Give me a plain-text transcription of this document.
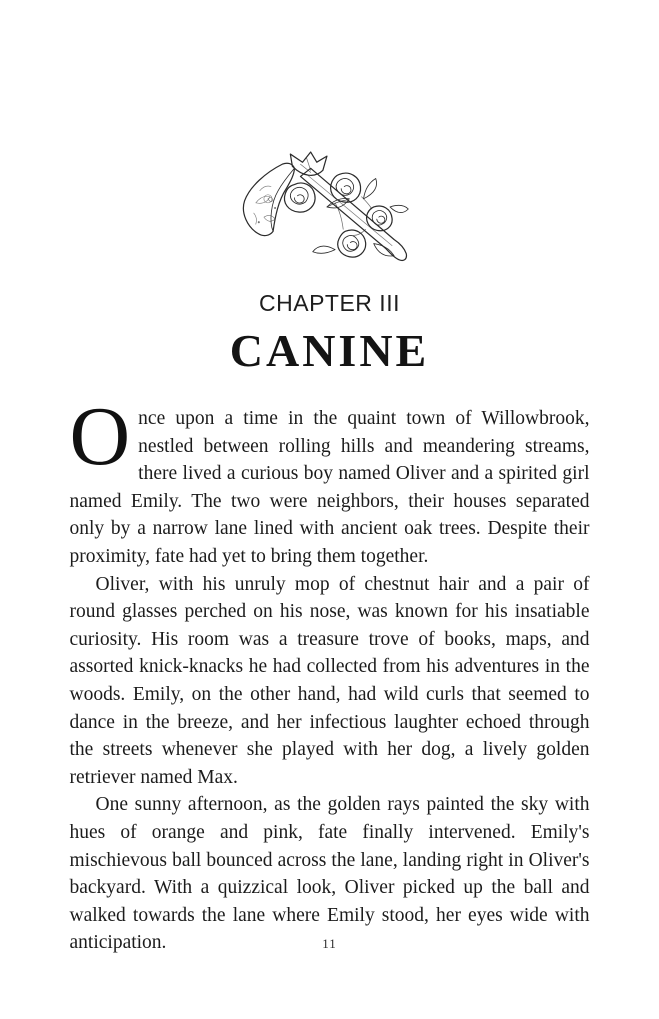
CHAPTER III
CANINE

Once upon a time in the quaint town of Willowbrook, nestled between rolling hills and meandering streams, there lived a curious boy named Oliver and a spirited girl named Emily. The two were neighbors, their houses separated only by a narrow lane lined with ancient oak trees. Despite their proximity, fate had yet to bring them together.

Oliver, with his unruly mop of chestnut hair and a pair of round glasses perched on his nose, was known for his insatiable curiosity. His room was a treasure trove of books, maps, and assorted knick-knacks he had collected from his adventures in the woods. Emily, on the other hand, had wild curls that seemed to dance in the breeze, and her infectious laughter echoed through the streets whenever she played with her dog, a lively golden retriever named Max.

One sunny afternoon, as the golden rays painted the sky with hues of orange and pink, fate finally intervened. Emily's mischievous ball bounced across the lane, landing right in Oliver's backyard. With a quizzical look, Oliver picked up the ball and walked towards the lane where Emily stood, her eyes wide with anticipation.	11
